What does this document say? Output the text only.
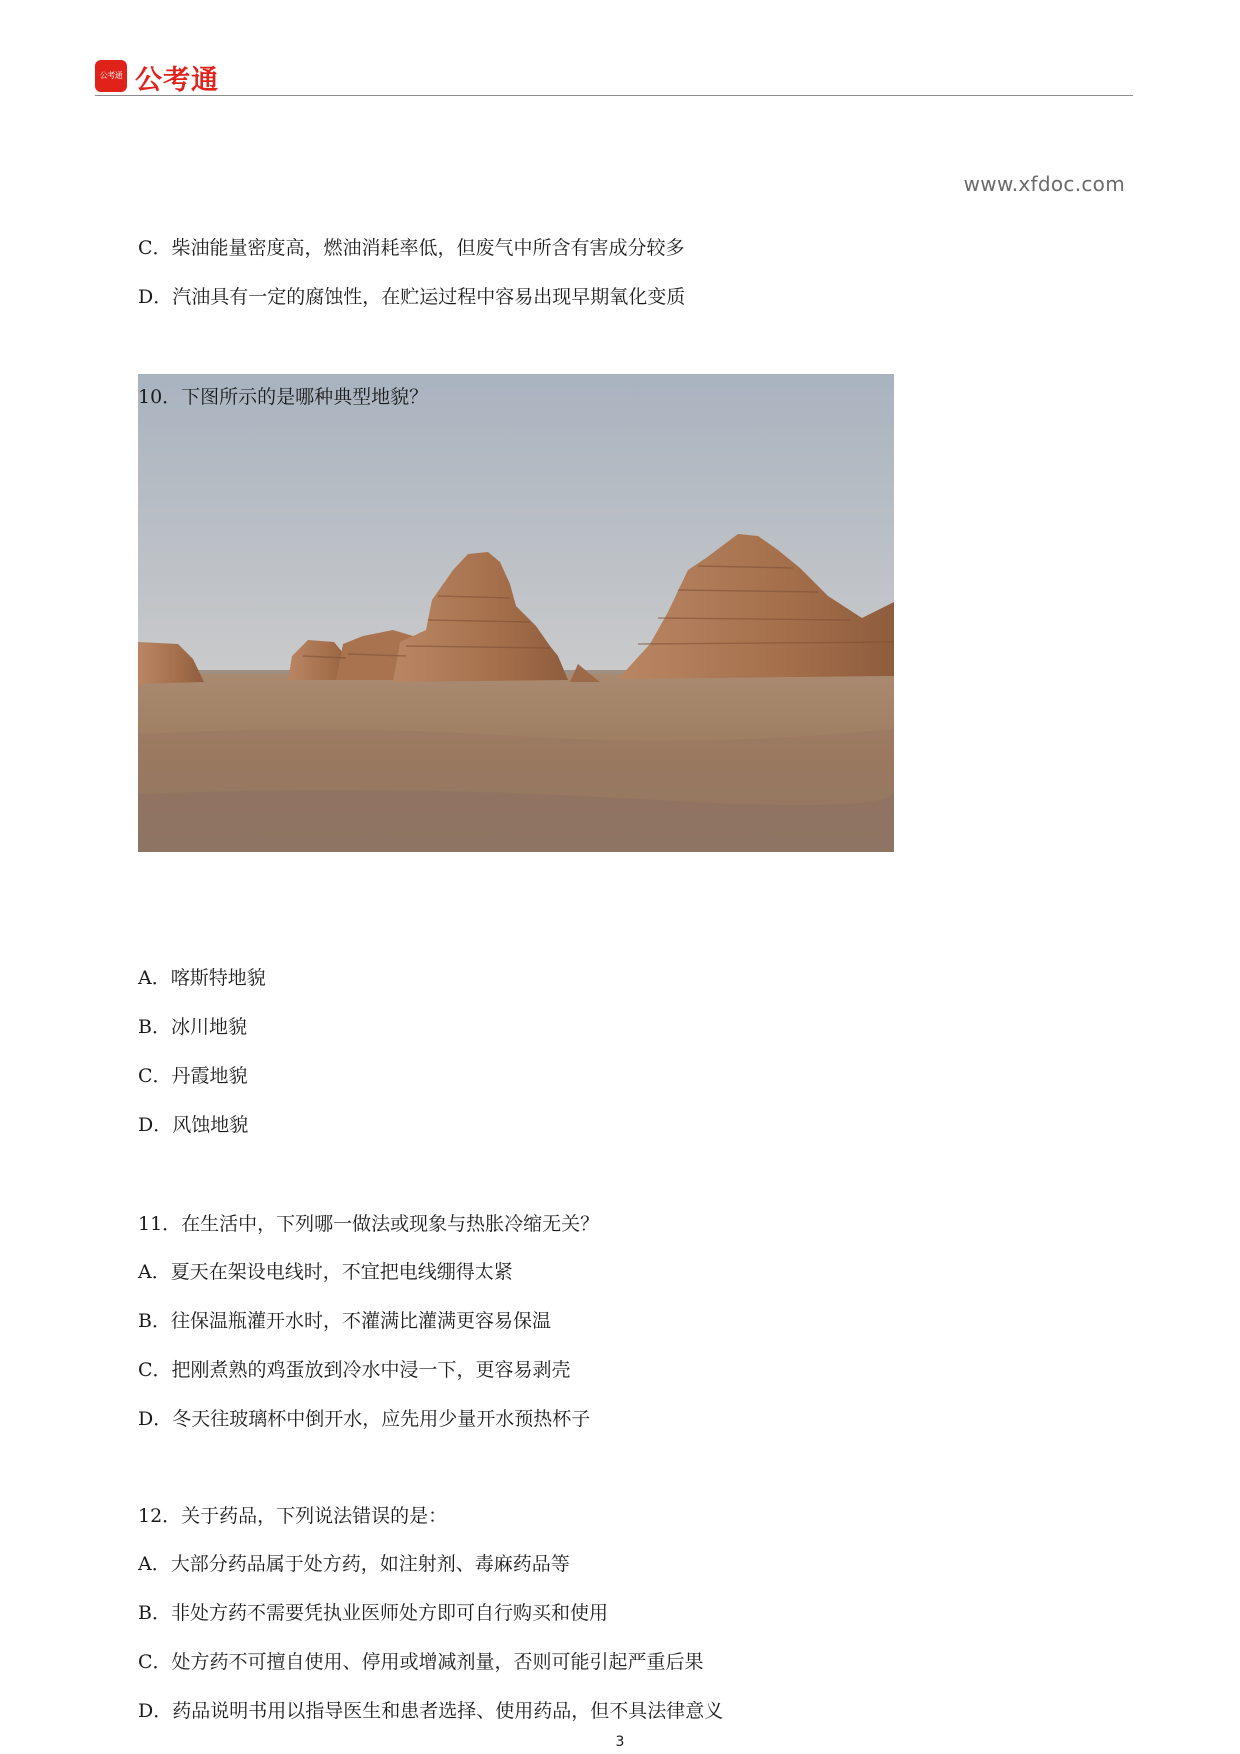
公考通 公考通
www.xfdoc.com
C．柴油能量密度高，燃油消耗率低，但废气中所含有害成分较多
D．汽油具有一定的腐蚀性，在贮运过程中容易出现早期氧化变质
10．下图所示的是哪种典型地貌？
A．喀斯特地貌
B．冰川地貌
C．丹霞地貌
D．风蚀地貌
11．在生活中，下列哪一做法或现象与热胀冷缩无关？
A．夏天在架设电线时，不宜把电线绷得太紧
B．往保温瓶灌开水时，不灌满比灌满更容易保温
C．把刚煮熟的鸡蛋放到冷水中浸一下，更容易剥壳
D．冬天往玻璃杯中倒开水，应先用少量开水预热杯子
12．关于药品，下列说法错误的是：
A．大部分药品属于处方药，如注射剂、毒麻药品等
B．非处方药不需要凭执业医师处方即可自行购买和使用
C．处方药不可擅自使用、停用或增减剂量，否则可能引起严重后果
D．药品说明书用以指导医生和患者选择、使用药品，但不具法律意义
3
